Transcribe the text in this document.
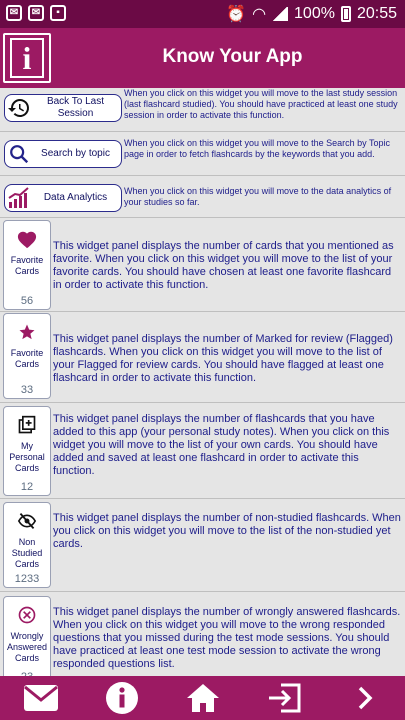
✉	✉	▪	⏰ ◠ 100% 20:55
i	Know Your App
Back To Last Session
When you click on this widget you will move to the last study session (last flashcard studied). You should have practiced at least one study session in order to activate this function.
Search by topic
When you click on this widget you will move to the Search by Topic page in order to fetch flashcards by the keywords that you add.
Data Analytics
When you click on this widget you will move to the data analytics of your studies so far.
Favorite Cards
56
This widget panel displays the number of cards that you mentioned as favorite. When you click on this widget you will move to the list of your favorite cards. You should have chosen at least one favorite flashcard in order to activate this function.
Favorite Cards
33
This widget panel displays the number of Marked for review (Flagged) flashcards. When you click on this widget you will move to the list of your Flagged for review cards. You should have flagged at least one flashcard in order to activate this function.
My Personal Cards
12
This widget panel displays the number of flashcards that you have added to this app (your personal study notes). When you click on this widget you will move to the list of your own cards. You should have added and saved at least one flashcard in order to activate this function.
Non Studied Cards
1233
This widget panel displays the number of non-studied flashcards. When you click on this widget you will move to the list of the non-studied yet cards.
Wrongly Answered Cards
This widget panel displays the number of wrongly answered flashcards. When you click on this widget you will move to the wrong responded questions that you missed during the test mode sessions. You should have practiced at least one test mode session to activate the wrong responded questions list.
